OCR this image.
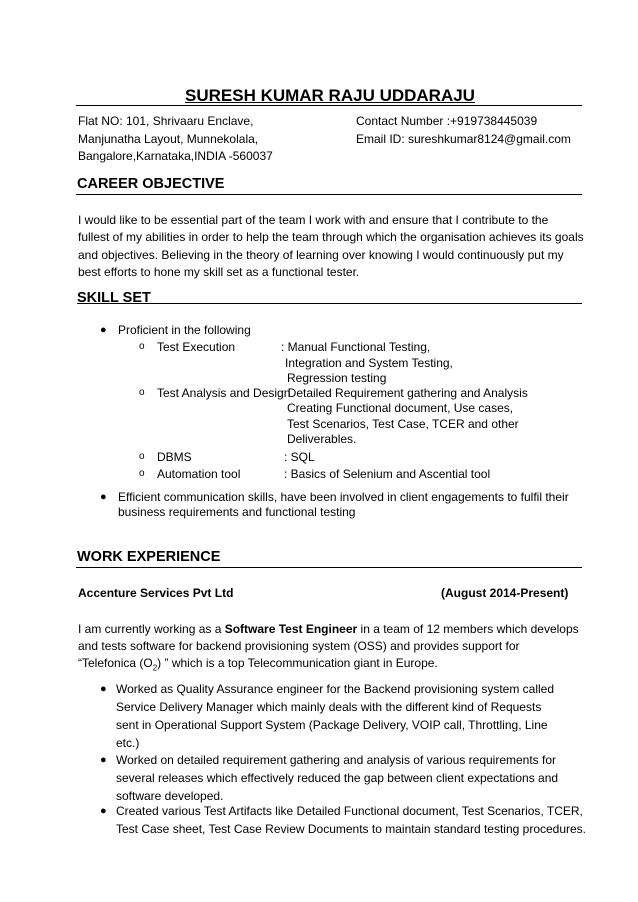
SURESH KUMAR RAJU UDDARAJU
Flat NO: 101, Shrivaaru Enclave,
Manjunatha Layout, Munnekolala,
Bangalore,Karnataka,INDIA -560037
Contact Number :+919738445039
Email ID: sureshkumar8124@gmail.com
CAREER OBJECTIVE
I would like to be essential part of the team I work with and ensure that I contribute to the
fullest of my abilities in order to help the team through which the organisation achieves its goals
and objectives. Believing in the theory of learning over knowing I would continuously put my
best efforts to hone my skill set as a functional tester.
SKILL SET
● Proficient in the following
o Test Execution	: Manual Functional Testing,
Integration and System Testing,
Regression testing
o Test Analysis and Design
: Detailed Requirement gathering and Analysis
Creating Functional document, Use cases,
Test Scenarios, Test Case, TCER and other
Deliverables.
o DBMS	: SQL
o Automation tool	: Basics of Selenium and Ascential tool
● Efficient communication skills, have been involved in client engagements to fulfil their
business requirements and functional testing
WORK EXPERIENCE
Accenture Services Pvt Ltd	(August 2014-Present)
I am currently working as a Software Test Engineer in a team of 12 members which develops
and tests software for backend provisioning system (OSS) and provides support for
“Telefonica $(O_2)$ ” which is a top Telecommunication giant in Europe.
● Worked as Quality Assurance engineer for the Backend provisioning system called
Service Delivery Manager which mainly deals with the different kind of Requests
sent in Operational Support System (Package Delivery, VOIP call, Throttling, Line
etc.)
● Worked on detailed requirement gathering and analysis of various requirements for
several releases which effectively reduced the gap between client expectations and
software developed.
● Created various Test Artifacts like Detailed Functional document, Test Scenarios, TCER,
Test Case sheet, Test Case Review Documents to maintain standard testing procedures.
